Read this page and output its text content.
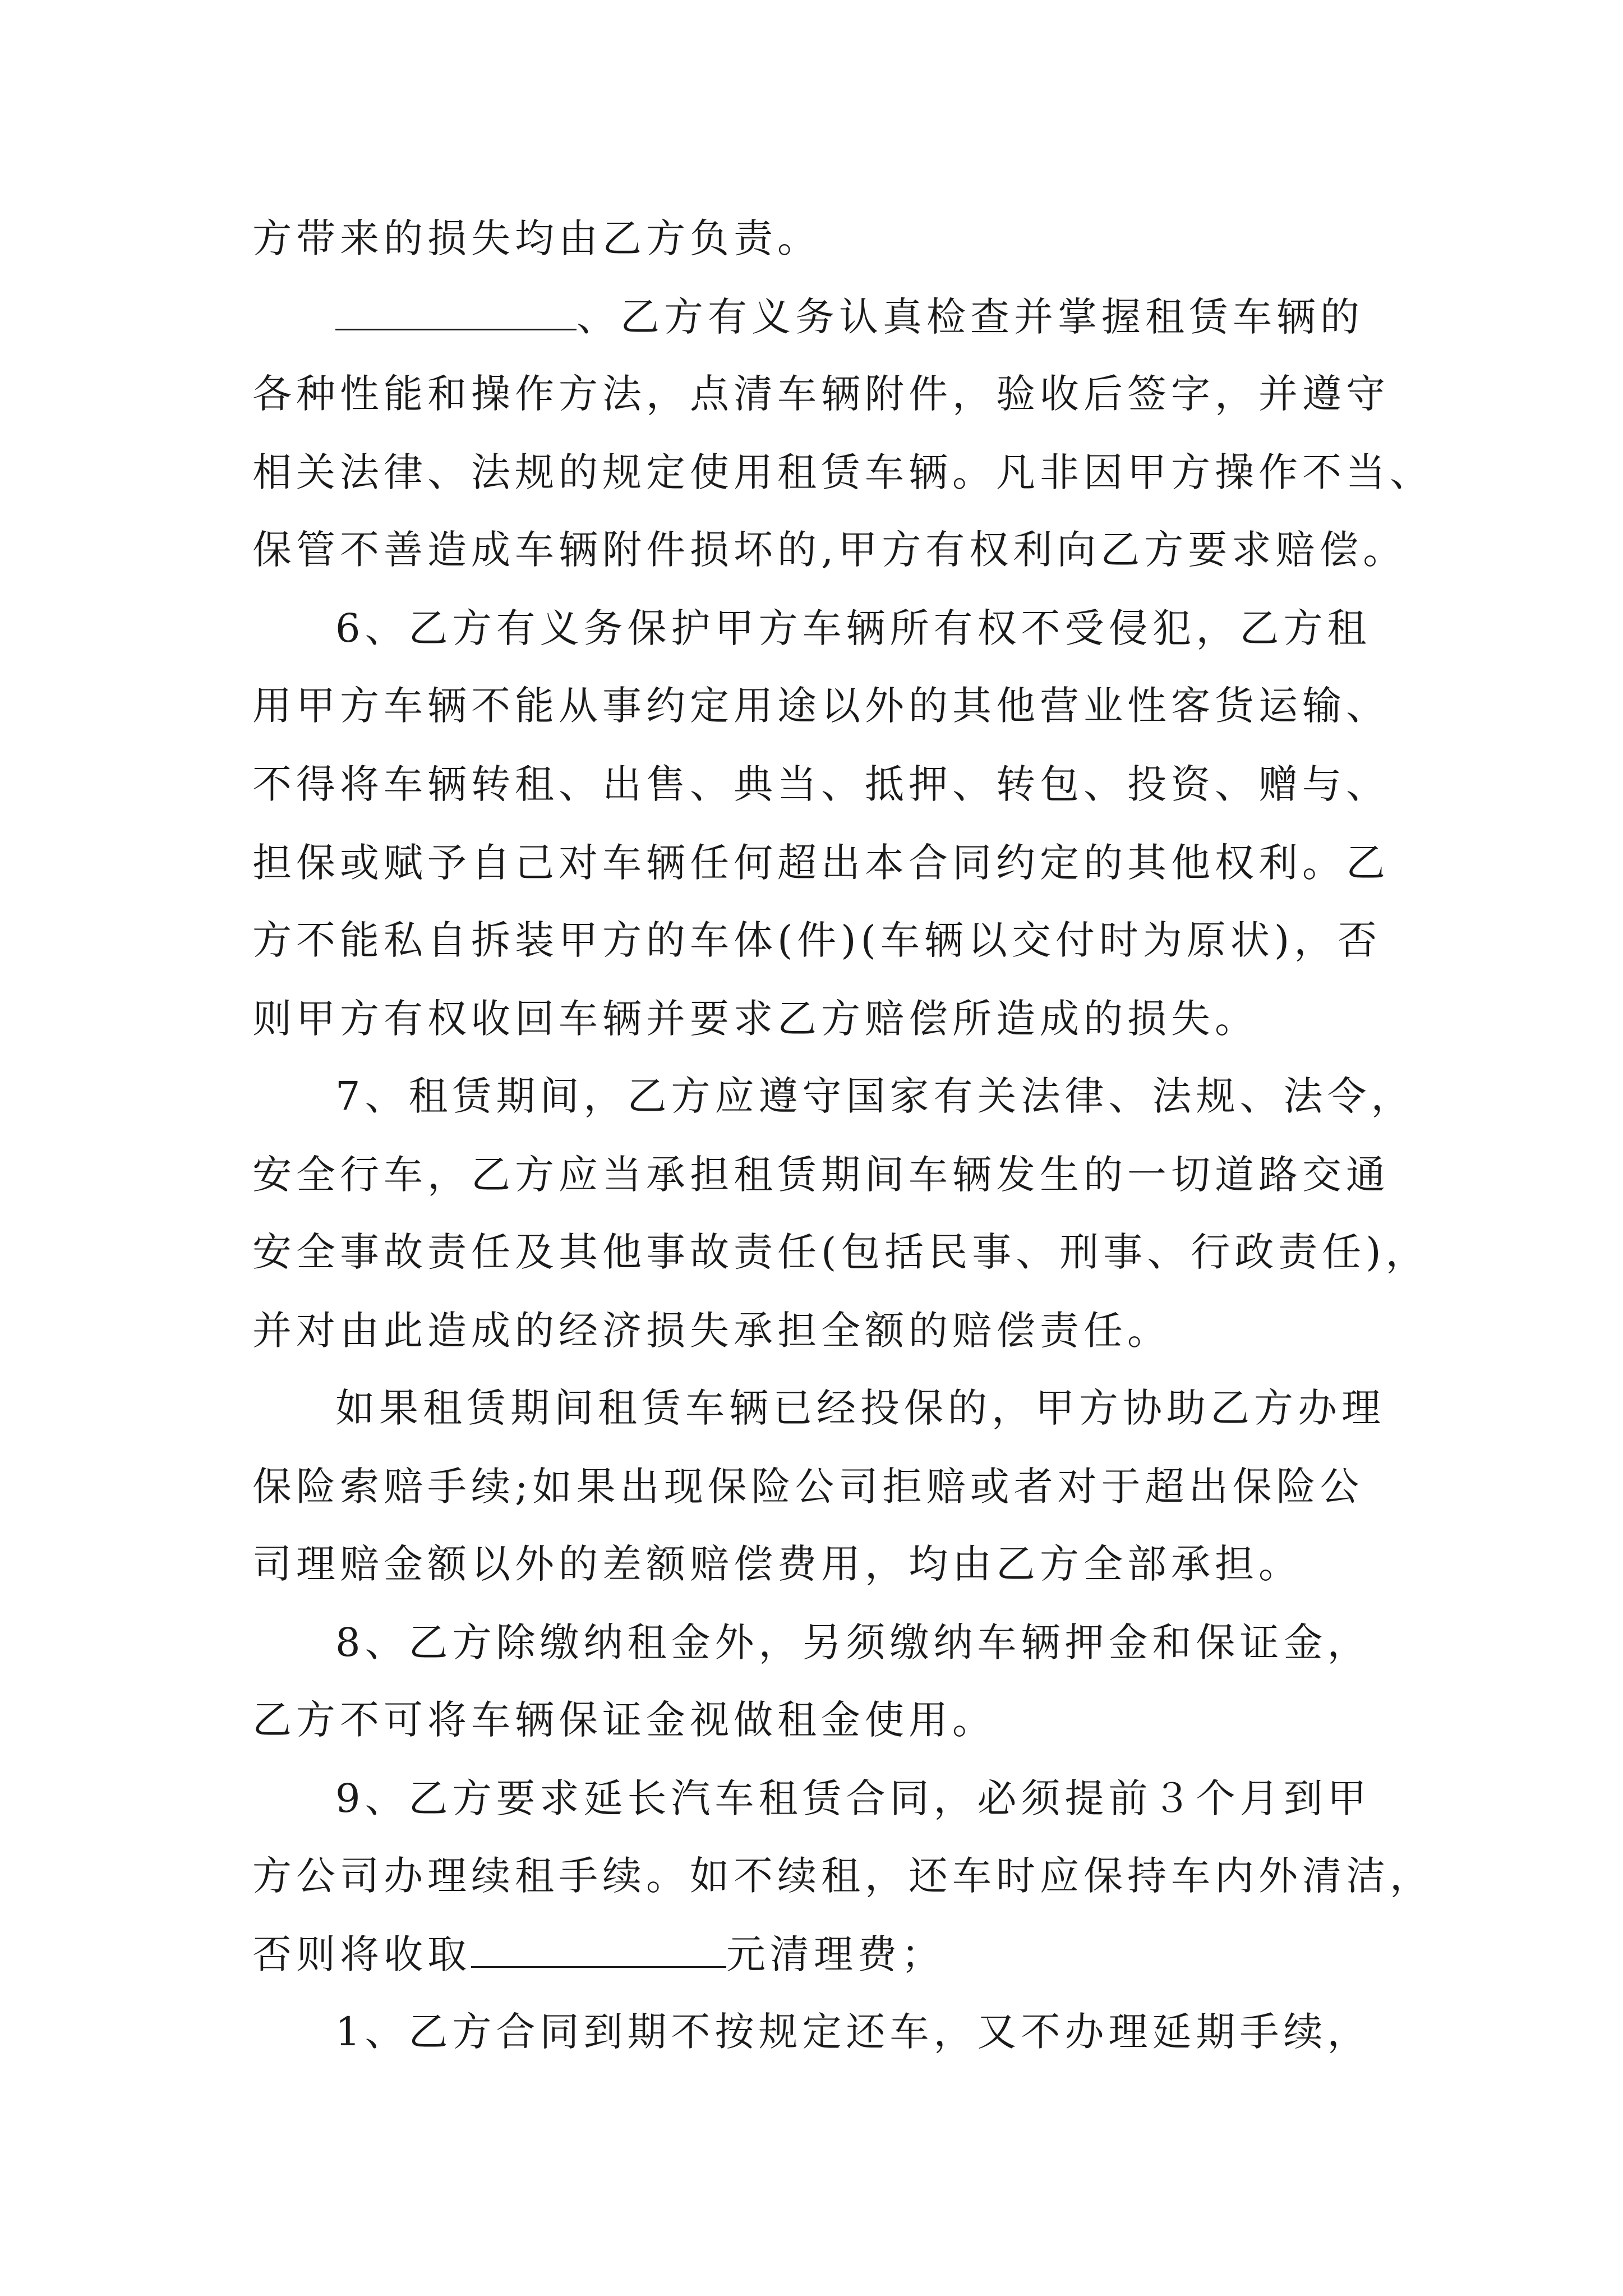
方带来的损失均由乙方负责。
、乙方有义务认真检查并掌握租赁车辆的
各种性能和操作方法，点清车辆附件，验收后签字，并遵守
相关法律、法规的规定使用租赁车辆。凡非因甲方操作不当、
保管不善造成车辆附件损坏的,甲方有权利向乙方要求赔偿。
6、乙方有义务保护甲方车辆所有权不受侵犯，乙方租
用甲方车辆不能从事约定用途以外的其他营业性客货运输、
不得将车辆转租、出售、典当、抵押、转包、投资、赠与、
担保或赋予自己对车辆任何超出本合同约定的其他权利。乙
方不能私自拆装甲方的车体(件)(车辆以交付时为原状)，否
则甲方有权收回车辆并要求乙方赔偿所造成的损失。
7、租赁期间，乙方应遵守国家有关法律、法规、法令，
安全行车，乙方应当承担租赁期间车辆发生的一切道路交通
安全事故责任及其他事故责任(包括民事、刑事、行政责任)，
并对由此造成的经济损失承担全额的赔偿责任。
如果租赁期间租赁车辆已经投保的，甲方协助乙方办理
保险索赔手续;如果出现保险公司拒赔或者对于超出保险公
司理赔金额以外的差额赔偿费用，均由乙方全部承担。
8、乙方除缴纳租金外，另须缴纳车辆押金和保证金，
乙方不可将车辆保证金视做租金使用。
9、乙方要求延长汽车租赁合同，必须提前３个月到甲
方公司办理续租手续。如不续租，还车时应保持车内外清洁，
否则将收取	元清理费；
1、乙方合同到期不按规定还车，又不办理延期手续，
